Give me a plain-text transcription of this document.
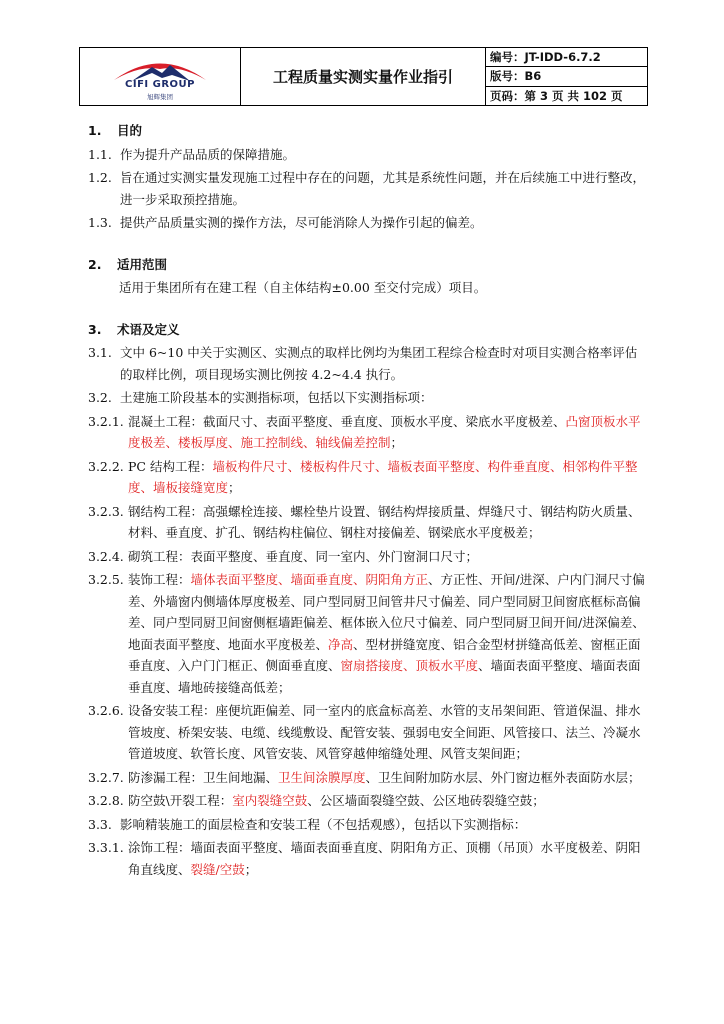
CIFI GROUP
旭辉集团
工程质量实测实量作业指引
编号：JT-IDD-6.7.2
版号：B6
页码：第 3 页 共 102 页
1.	目的
1.1. 作为提升产品品质的保障措施。
1.2. 旨在通过实测实量发现施工过程中存在的问题，尤其是系统性问题，并在后续施工中进行整改，进一步采取预控措施。
1.3. 提供产品质量实测的操作方法，尽可能消除人为操作引起的偏差。
2.	适用范围
适用于集团所有在建工程（自主体结构±0.00 至交付完成）项目。
3.	术语及定义
3.1. 文中 6~10 中关于实测区、实测点的取样比例均为集团工程综合检查时对项目实测合格率评估的取样比例，项目现场实测比例按 4.2~4.4 执行。
3.2. 土建施工阶段基本的实测指标项，包括以下实测指标项：
3.2.1. 混凝土工程：截面尺寸、表面平整度、垂直度、顶板水平度、梁底水平度极差、凸窗顶板水平度极差、楼板厚度、施工控制线、轴线偏差控制；
3.2.2. PC 结构工程：墙板构件尺寸、楼板构件尺寸、墙板表面平整度、构件垂直度、相邻构件平整度、墙板接缝宽度；
3.2.3. 钢结构工程：高强螺栓连接、螺栓垫片设置、钢结构焊接质量、焊缝尺寸、钢结构防火质量、材料、垂直度、扩孔、钢结构柱偏位、钢柱对接偏差、钢梁底水平度极差；
3.2.4. 砌筑工程：表面平整度、垂直度、同一室内、外门窗洞口尺寸；
3.2.5. 装饰工程：墙体表面平整度、墙面垂直度、阴阳角方正、方正性、开间/进深、户内门洞尺寸偏差、外墙窗内侧墙体厚度极差、同户型同厨卫间管井尺寸偏差、同户型同厨卫间窗底框标高偏差、同户型同厨卫间窗侧框墙距偏差、框体嵌入位尺寸偏差、同户型同厨卫间开间/进深偏差、地面表面平整度、地面水平度极差、净高、型材拼缝宽度、铝合金型材拼缝高低差、窗框正面垂直度、入户门门框正、侧面垂直度、窗扇搭接度、顶板水平度、墙面表面平整度、墙面表面垂直度、墙地砖接缝高低差；
3.2.6. 设备安装工程：座便坑距偏差、同一室内的底盒标高差、水管的支吊架间距、管道保温、排水管坡度、桥架安装、电缆、线缆敷设、配管安装、强弱电安全间距、风管接口、法兰、冷凝水管道坡度、软管长度、风管安装、风管穿越伸缩缝处理、风管支架间距；
3.2.7. 防渗漏工程：卫生间地漏、卫生间涂膜厚度、卫生间附加防水层、外门窗边框外表面防水层；
3.2.8. 防空鼓\开裂工程：室内裂缝空鼓、公区墙面裂缝空鼓、公区地砖裂缝空鼓；
3.3. 影响精装施工的面层检查和安装工程（不包括观感），包括以下实测指标：
3.3.1. 涂饰工程：墙面表面平整度、墙面表面垂直度、阴阳角方正、顶棚（吊顶）水平度极差、阴阳角直线度、裂缝/空鼓；
